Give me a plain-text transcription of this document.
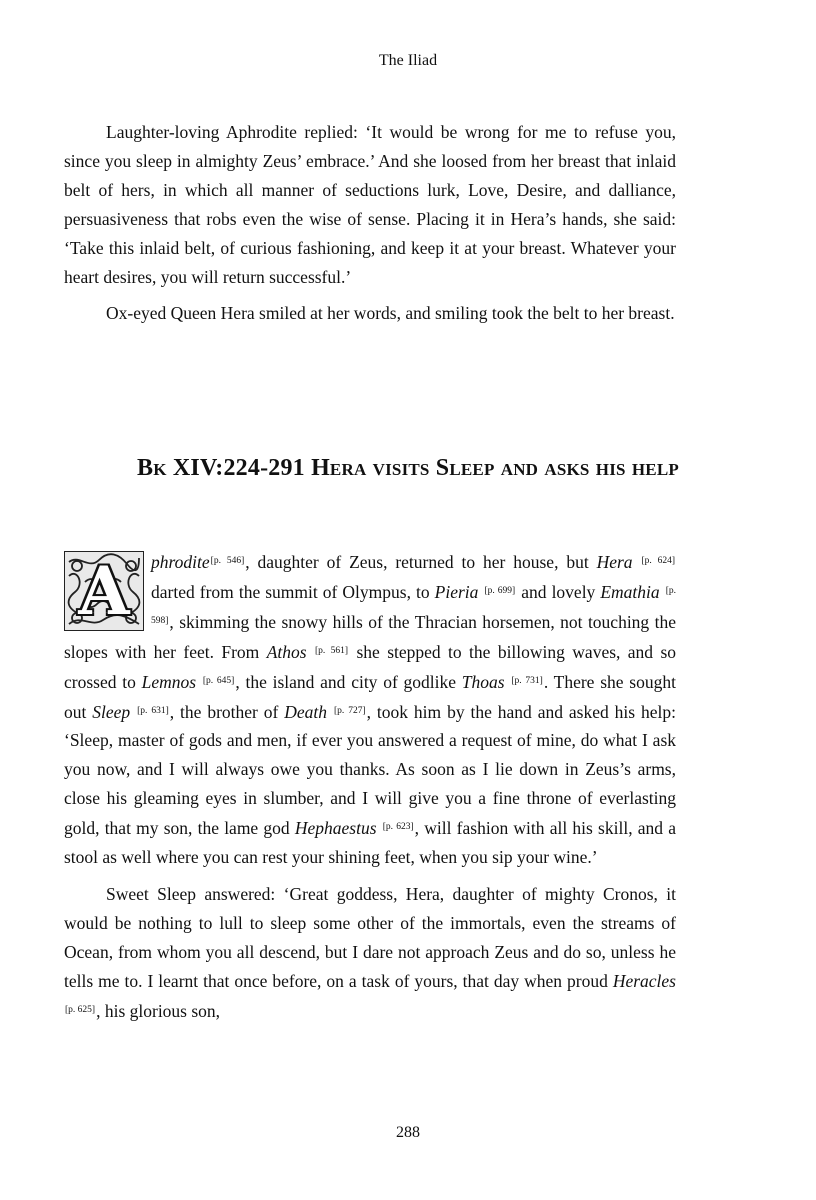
The Iliad

Laughter-loving Aphrodite replied: ‘It would be wrong for me to refuse you, since you sleep in almighty Zeus’ embrace.’ And she loosed from her breast that inlaid belt of hers, in which all manner of seductions lurk, Love, Desire, and dalliance, persuasiveness that robs even the wise of sense. Placing it in Hera’s hands, she said: ‘Take this inlaid belt, of curious fashioning, and keep it at your breast. Whatever your heart desires, you will return successful.’

Ox-eyed Queen Hera smiled at her words, and smiling took the belt to her breast.

Bk XIV:224-291 Hera visits Sleep and asks his help

A	phrodite[p. 546], daughter of Zeus, returned to her house, but Hera [p. 624] darted from the summit of Olympus, to Pieria [p. 699] and lovely Emathia [p. 598], skimming the snowy hills of the Thracian horsemen, not touching the slopes with her feet. From Athos [p. 561] she stepped to the billowing waves, and so crossed to Lemnos [p. 645], the island and city of godlike Thoas [p. 731]. There she sought out Sleep [p. 631], the brother of Death [p. 727], took him by the hand and asked his help: ‘Sleep, master of gods and men, if ever you answered a request of mine, do what I ask you now, and I will always owe you thanks. As soon as I lie down in Zeus’s arms, close his gleaming eyes in slumber, and I will give you a fine throne of everlasting gold, that my son, the lame god Hephaestus [p. 623], will fashion with all his skill, and a stool as well where you can rest your shining feet, when you sip your wine.’

Sweet Sleep answered: ‘Great goddess, Hera, daughter of mighty Cronos, it would be nothing to lull to sleep some other of the immortals, even the streams of Ocean, from whom you all descend, but I dare not approach Zeus and do so, unless he tells me to. I learnt that once before, on a task of yours, that day when proud Heracles [p. 625], his glorious son,

288
